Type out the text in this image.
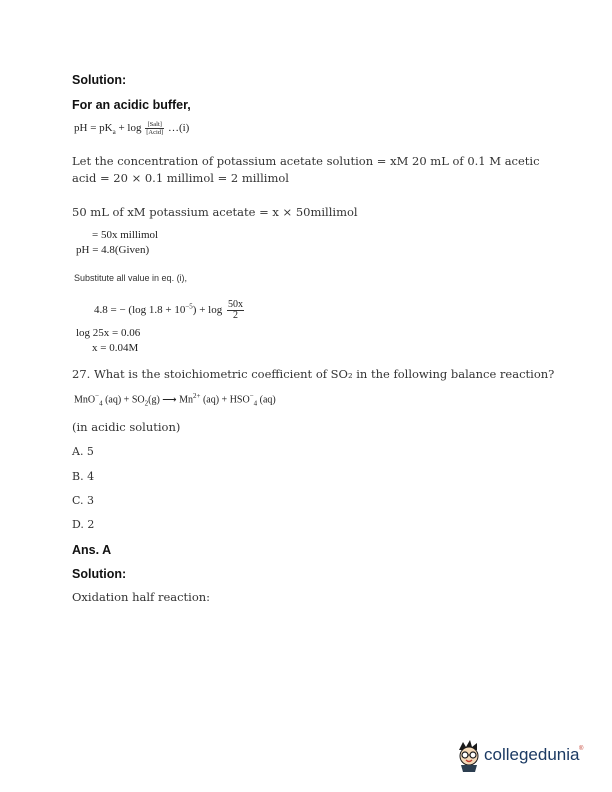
Solution:
For an acidic buffer,
pH = $pK_a + \log \frac{\text{[Salt]}}{\text{[Acid]}}$ …(i)
Let the concentration of potassium acetate solution = xM 20 mL of 0.1 M acetic
acid = 20 × 0.1 millimol = 2 millimol
50 mL of xM potassium acetate = x × 50millimol
= 50x millimol
pH = 4.8(Given)
Substitute all value in eq. (i),
4.8 = − (log $1.8 + 10^{-5}) + \log \frac{50x}{2}$
log 25x = 0.06
x = 0.04M
27. What is the stoichiometric coefficient of SO₂ in the following balance reaction?
MnO−$_4$ $(aq) + SO_2(g)$ ⟶ $Mn^{2+}$ $(aq) + HSO^-_4$ (aq)
(in acidic solution)
A. 5
B. 4
C. 3
D. 2
Ans. A
Solution:
Oxidation half reaction:
collegedunia ®
